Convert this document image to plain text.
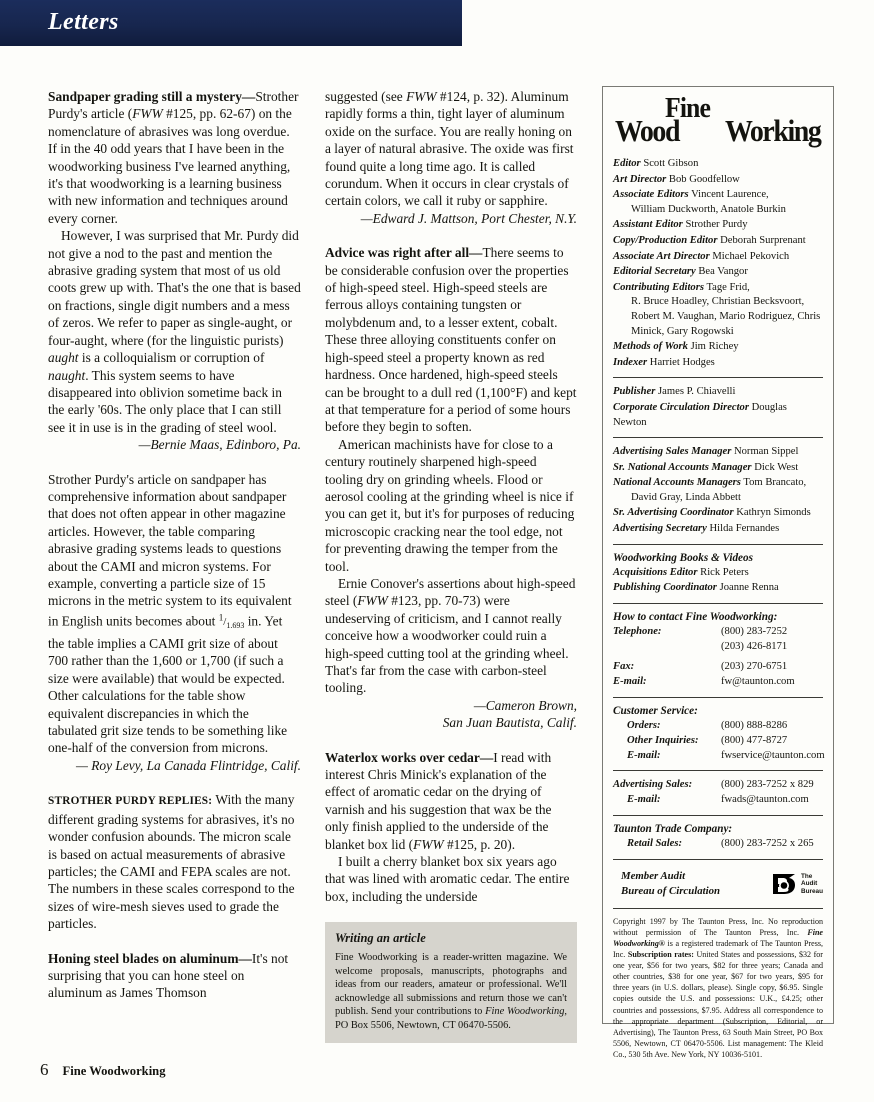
Letters

Sandpaper grading still a mystery—Strother Purdy's article (FWW #125, pp. 62-67) on the nomenclature of abrasives was long overdue. If in the 40 odd years that I have been in the woodworking business I've learned anything, it's that woodworking is a learning business with new information and techniques around every corner.

However, I was surprised that Mr. Purdy did not give a nod to the past and mention the abrasive grading system that most of us old coots grew up with. That's the one that is based on fractions, single digit numbers and a mess of zeros. We refer to paper as single-aught, or four-aught, where (for the linguistic purists) aught is a colloquialism or corruption of naught. This system seems to have disappeared into oblivion sometime back in the early '60s. The only place that I can still see it in use is in the grading of steel wool.

—Bernie Maas, Edinboro, Pa.

Strother Purdy's article on sandpaper has comprehensive information about sandpaper that does not often appear in other magazine articles. However, the table comparing abrasive grading systems leads to questions about the CAMI and micron systems. For example, converting a particle size of 15 microns in the metric system to its equivalent in English units becomes about $^1/_{1.693}$ in. Yet the table implies a CAMI grit size of about 700 rather than the 1,600 or 1,700 (if such a size were available) that would be expected. Other calculations for the table show equivalent discrepancies in which the tabulated grit size tends to be something like one-half of the conversion from microns.

— Roy Levy, La Canada Flintridge, Calif.

STROTHER PURDY REPLIES: With the many different grading systems for abrasives, it's no wonder confusion abounds. The micron scale is based on actual measurements of abrasive particles; the CAMI and FEPA scales are not. The numbers in these scales correspond to the sizes of wire-mesh sieves used to grade the particles.

Honing steel blades on aluminum—It's not surprising that you can hone steel on aluminum as James Thomson

suggested (see FWW #124, p. 32). Aluminum rapidly forms a thin, tight layer of aluminum oxide on the surface. You are really honing on a layer of natural abrasive. The oxide was first found quite a long time ago. It is called corundum. When it occurs in clear crystals of certain colors, we call it ruby or sapphire.

—Edward J. Mattson, Port Chester, N.Y.

Advice was right after all—There seems to be considerable confusion over the properties of high-speed steel. High-speed steels are ferrous alloys containing tungsten or molybdenum and, to a lesser extent, cobalt. These three alloying constituents confer on high-speed steel a property known as red hardness. Once hardened, high-speed steels can be brought to a dull red (1,100°F) and kept at that temperature for a period of some hours before they begin to soften.

American machinists have for close to a century routinely sharpened high-speed tooling dry on grinding wheels. Flood or aerosol cooling at the grinding wheel is nice if you can get it, but it's for purposes of reducing microscopic cracking near the tool edge, not for preventing drawing the temper from the tool.

Ernie Conover's assertions about high-speed steel (FWW #123, pp. 70-73) were undeserving of criticism, and I cannot really conceive how a woodworker could ruin a high-speed cutting tool at the grinding wheel. That's far from the case with carbon-steel tooling.

—Cameron Brown,

San Juan Bautista, Calif.

Waterlox works over cedar—I read with interest Chris Minick's explanation of the effect of aromatic cedar on the drying of varnish and his suggestion that wax be the only finish applied to the underside of the blanket box lid (FWW #125, p. 20).

I built a cherry blanket box six years ago that was lined with aromatic cedar. The entire box, including the underside

Writing an article
Fine Woodworking is a reader-written magazine. We welcome proposals, manuscripts, photographs and ideas from our readers, amateur or professional. We'll acknowledge all submissions and return those we can't publish. Send your contributions to Fine Woodworking, PO Box 5506, Newtown, CT 06470-5506.
Fine
Wood Working
Editor Scott Gibson
Art Director Bob Goodfellow
Associate Editors Vincent Laurence,
William Duckworth, Anatole Burkin
Assistant Editor Strother Purdy
Copy/Production Editor Deborah Surprenant
Associate Art Director Michael Pekovich
Editorial Secretary Bea Vangor
Contributing Editors Tage Frid,
R. Bruce Hoadley, Christian Becksvoort, Robert M. Vaughan, Mario Rodriguez, Chris Minick, Gary Rogowski
Methods of Work Jim Richey
Indexer Harriet Hodges
Publisher James P. Chiavelli
Corporate Circulation Director Douglas Newton
Advertising Sales Manager Norman Sippel
Sr. National Accounts Manager Dick West
National Accounts Managers Tom Brancato,
David Gray, Linda Abbett
Sr. Advertising Coordinator Kathryn Simonds
Advertising Secretary Hilda Fernandes
Woodworking Books & Videos
Acquisitions Editor Rick Peters
Publishing Coordinator Joanne Renna
How to contact Fine Woodworking:
Telephone:	(800) 283-7252
(203) 426-8171
Fax:	(203) 270-6751
E-mail:	fw@taunton.com
Customer Service:
Orders:	(800) 888-8286
Other Inquiries:	(800) 477-8727
E-mail:	fwservice@taunton.com
Advertising Sales:	(800) 283-7252 x 829
E-mail:	fwads@taunton.com
Taunton Trade Company:
Retail Sales:	(800) 283-7252 x 265
Member Audit
Bureau of Circulation
The
Audit
Bureau
Copyright 1997 by The Taunton Press, Inc. No reproduction without permission of The Taunton Press, Inc. Fine Woodworking® is a registered trademark of The Taunton Press, Inc. Subscription rates: United States and possessions, $32 for one year, $56 for two years, $82 for three years; Canada and other countries, $38 for one year, $67 for two years, $95 for three years (in U.S. dollars, please). Single copy, $6.95. Single copies outside the U.S. and possessions: U.K., £4.25; other countries and possessions, $7.95. Address all correspondence to the appropriate department (Subscription, Editorial, or Advertising), The Taunton Press, 63 South Main Street, PO Box 5506, Newtown, CT 06470-5506. List management: The Kleid Co., 530 5th Ave. New York, NY 10036-5101.
6 Fine Woodworking
